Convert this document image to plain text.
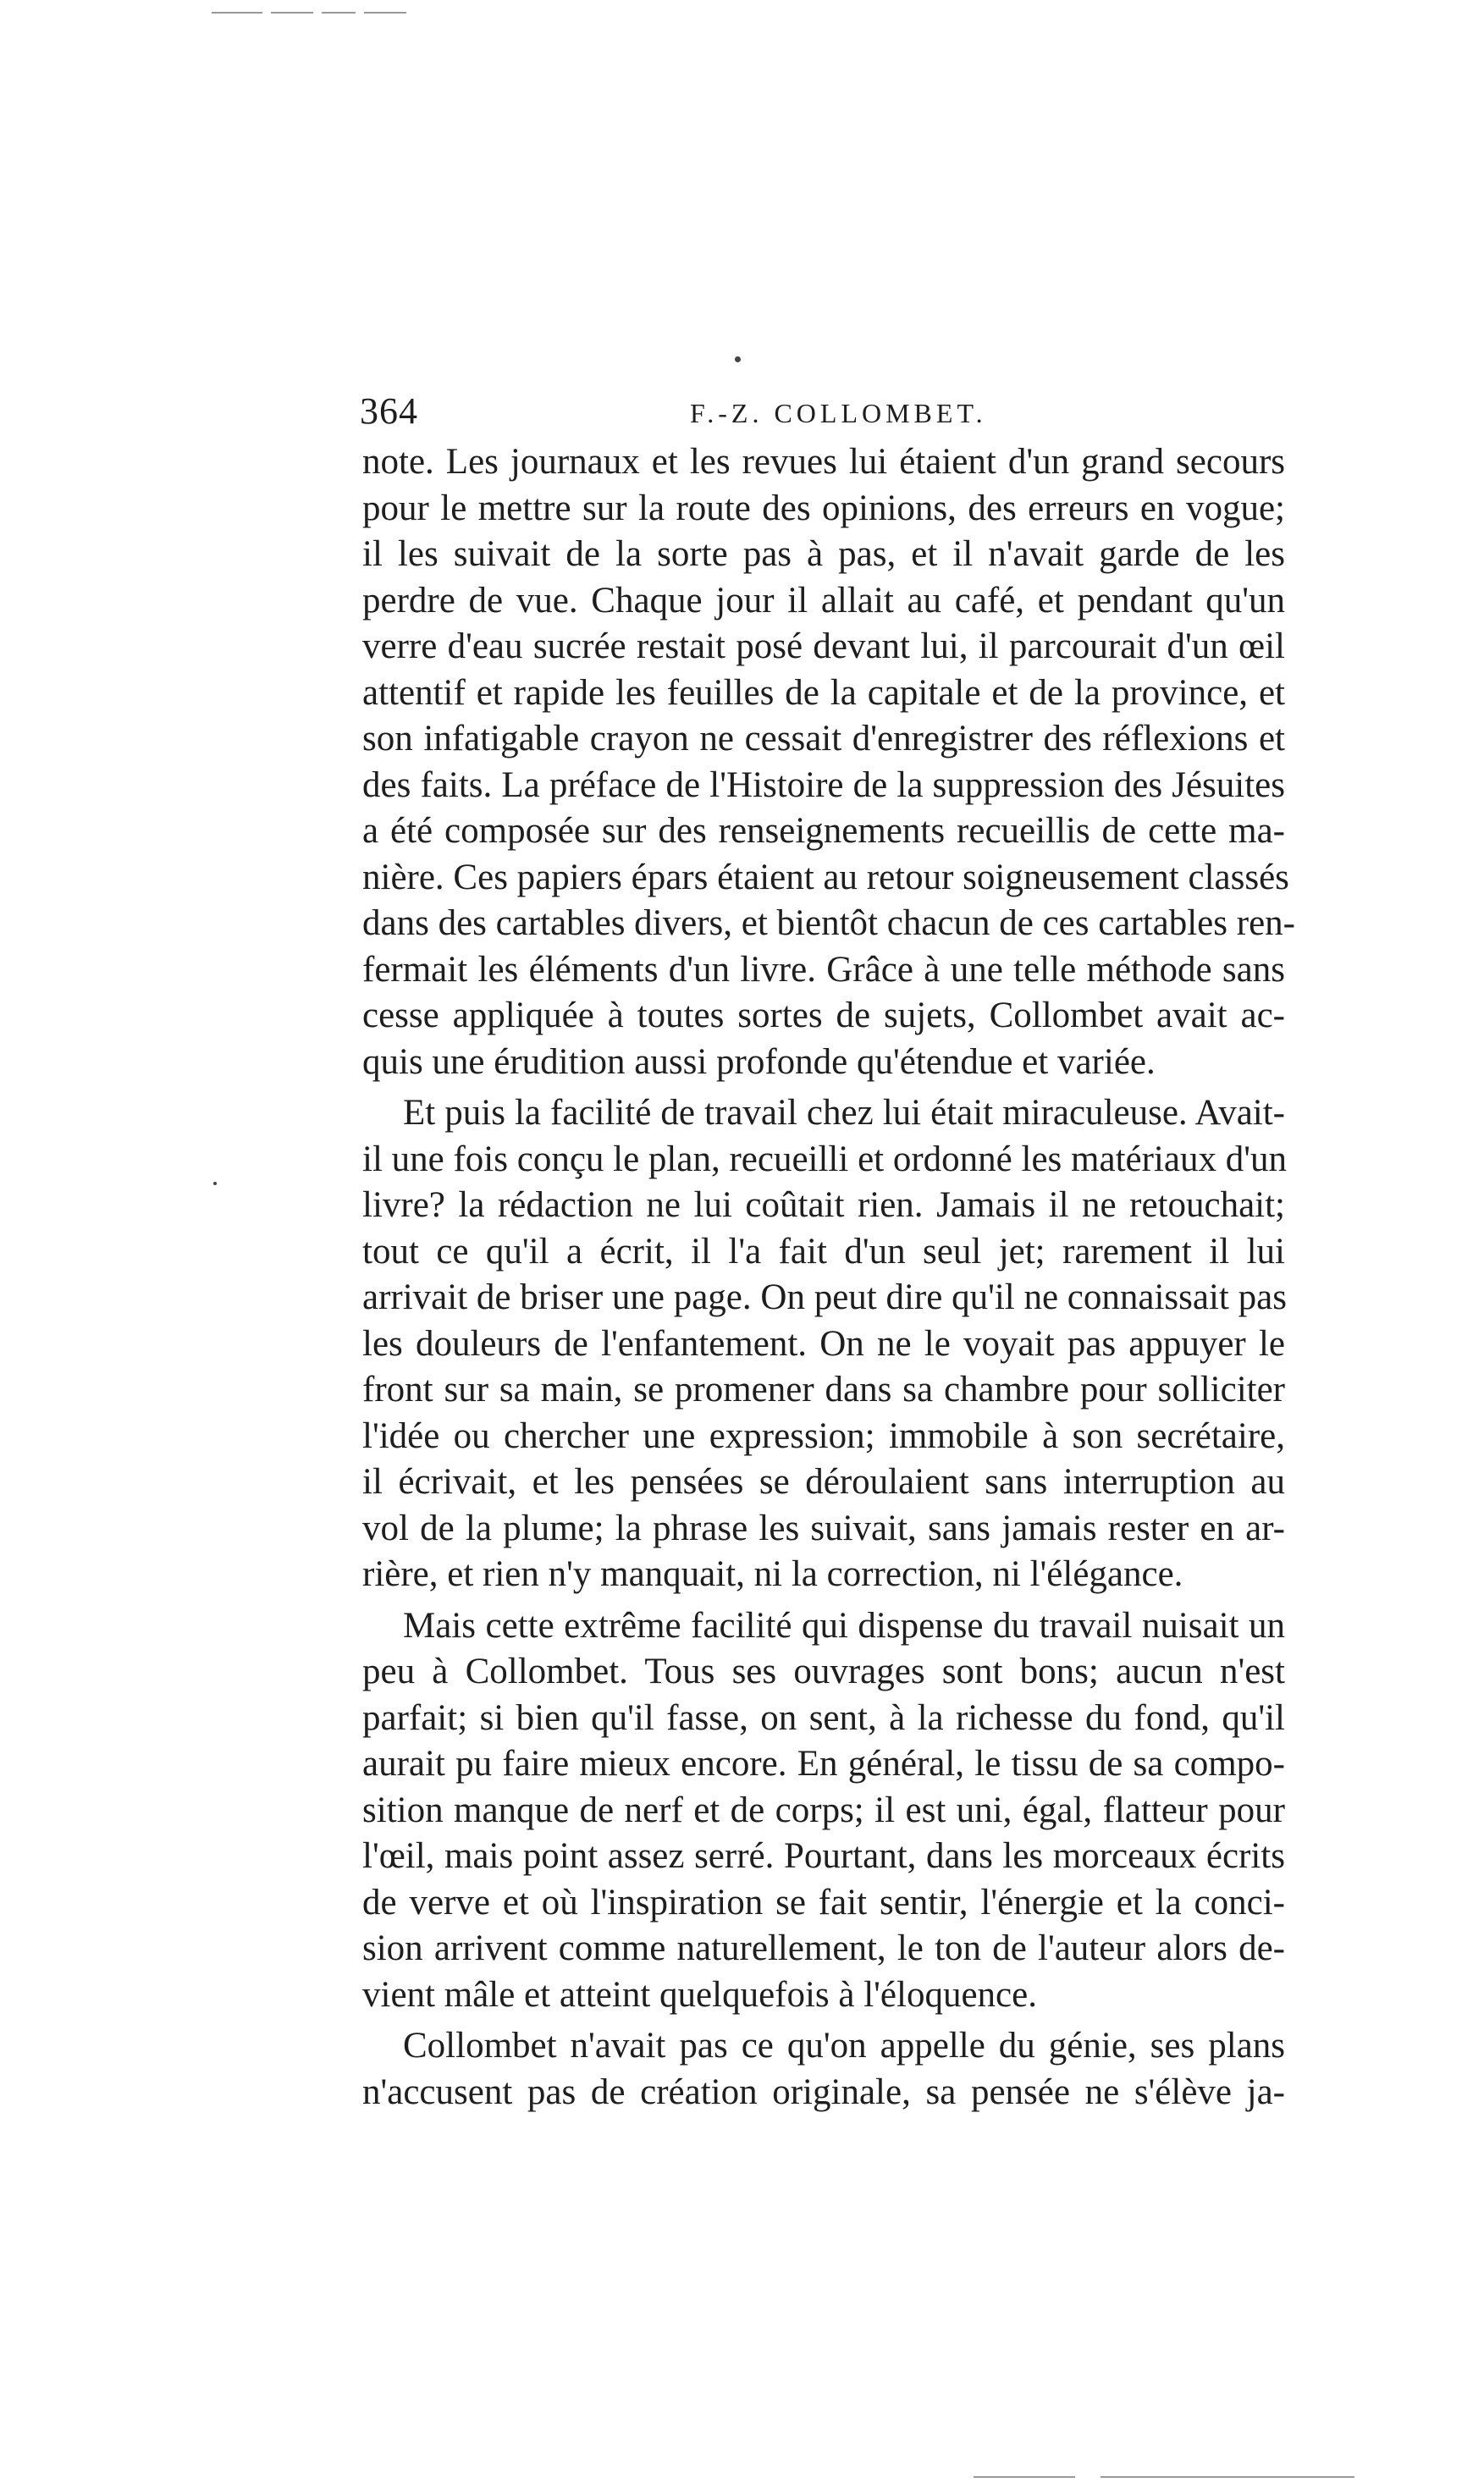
364	F.-Z. COLLOMBET.
note. Les journaux et les revues lui étaient d'un grand secours
pour le mettre sur la route des opinions, des erreurs en vogue;
il les suivait de la sorte pas à pas, et il n'avait garde de les
perdre de vue. Chaque jour il allait au café, et pendant qu'un
verre d'eau sucrée restait posé devant lui, il parcourait d'un œil
attentif et rapide les feuilles de la capitale et de la province, et
son infatigable crayon ne cessait d'enregistrer des réflexions et
des faits. La préface de l'Histoire de la suppression des Jésuites
a été composée sur des renseignements recueillis de cette ma-
nière. Ces papiers épars étaient au retour soigneusement classés
dans des cartables divers, et bientôt chacun de ces cartables ren-
fermait les éléments d'un livre. Grâce à une telle méthode sans
cesse appliquée à toutes sortes de sujets, Collombet avait ac-
quis une érudition aussi profonde qu'étendue et variée.
Et puis la facilité de travail chez lui était miraculeuse. Avait-
il une fois conçu le plan, recueilli et ordonné les matériaux d'un
livre? la rédaction ne lui coûtait rien. Jamais il ne retouchait;
tout ce qu'il a écrit, il l'a fait d'un seul jet; rarement il lui
arrivait de briser une page. On peut dire qu'il ne connaissait pas
les douleurs de l'enfantement. On ne le voyait pas appuyer le
front sur sa main, se promener dans sa chambre pour solliciter
l'idée ou chercher une expression; immobile à son secrétaire,
il écrivait, et les pensées se déroulaient sans interruption au
vol de la plume; la phrase les suivait, sans jamais rester en ar-
rière, et rien n'y manquait, ni la correction, ni l'élégance.
Mais cette extrême facilité qui dispense du travail nuisait un
peu à Collombet. Tous ses ouvrages sont bons; aucun n'est
parfait; si bien qu'il fasse, on sent, à la richesse du fond, qu'il
aurait pu faire mieux encore. En général, le tissu de sa compo-
sition manque de nerf et de corps; il est uni, égal, flatteur pour
l'œil, mais point assez serré. Pourtant, dans les morceaux écrits
de verve et où l'inspiration se fait sentir, l'énergie et la conci-
sion arrivent comme naturellement, le ton de l'auteur alors de-
vient mâle et atteint quelquefois à l'éloquence.
Collombet n'avait pas ce qu'on appelle du génie, ses plans
n'accusent pas de création originale, sa pensée ne s'élève ja-
